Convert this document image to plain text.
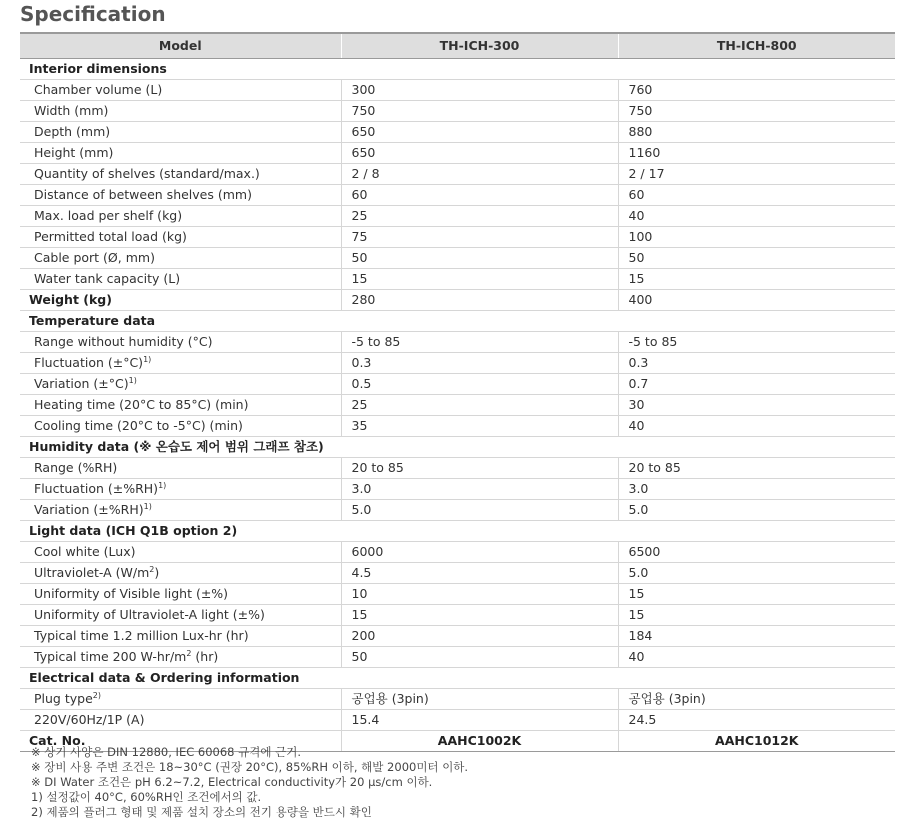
Specification
Model	TH-ICH-300	TH-ICH-800
Interior dimensions		
Chamber volume (L)	300	760
Width (mm)	750	750
Depth (mm)	650	880
Height (mm)	650	1160
Quantity of shelves (standard/max.)	2 / 8	2 / 17
Distance of between shelves (mm)	60	60
Max. load per shelf (kg)	25	40
Permitted total load (kg)	75	100
Cable port (Ø, mm)	50	50
Water tank capacity (L)	15	15
Weight (kg)	280	400
Temperature data		
Range without humidity (°C)	-5 to 85	-5 to 85
Fluctuation $(\pm^\circ C)^{1)}$	0.3	0.3
Variation $(\pm^\circ C)^{1)}$	0.5	0.7
Heating time (20°C to 85°C) (min)	25	30
Cooling time (20°C to -5°C) (min)	35	40
Humidity data (※ 온습도 제어 범위 그래프 참조)		
Range (%RH)	20 to 85	20 to 85
Fluctuation $(\pm\%RH)^{1)}$	3.0	3.0
Variation $(\pm\%RH)^{1)}$	5.0	5.0
Light data (ICH Q1B option 2)		
Cool white (Lux)	6000	6500
Ultraviolet-A $(W/m^2)$	4.5	5.0
Uniformity of Visible light (±%)	10	15
Uniformity of Ultraviolet-A light (±%)	15	15
Typical time 1.2 million Lux-hr (hr)	200	184
Typical time 200 $W-hr/m^2$ (hr)	50	40
Electrical data & Ordering information		
Plug type$^{2)}$	공업용 (3pin)	공업용 (3pin)
220V/60Hz/1P (A)	15.4	24.5
Cat. No.	AAHC1002K	AAHC1012K
※ 상기 사양은 DIN 12880, IEC 60068 규격에 근거.
※ 장비 사용 주변 조건은 18~30°C (권장 20°C), 85%RH 이하, 해발 2000미터 이하.
※ DI Water 조건은 pH 6.2~7.2, Electrical conductivity가 20 μs/cm 이하.
1) 설정값이 40°C, 60%RH인 조건에서의 값.
2) 제품의 플러그 형태 및 제품 설치 장소의 전기 용량을 반드시 확인
